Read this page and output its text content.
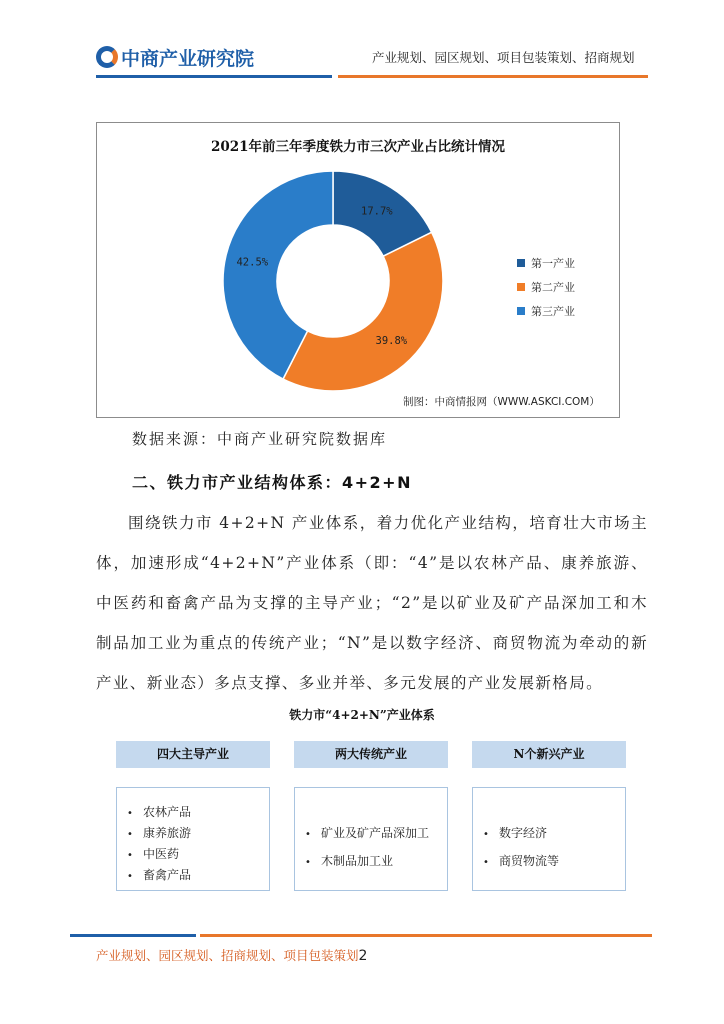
中商产业研究院	产业规划、园区规划、项目包装策划、招商规划
2021年前三年季度铁力市三次产业占比统计情况
17.7%
39.8%
42.5%	第一产业
第二产业
第三产业
制图：中商情报网（WWW.ASKCI.COM）
数据来源：中商产业研究院数据库
二、铁力市产业结构体系：4+2+N
围绕铁力市 4+2+N 产业体系，着力优化产业结构，培育壮大市场主体，加速形成“4+2+N”产业体系（即：“4”是以农林产品、康养旅游、中医药和畜禽产品为支撑的主导产业；“2”是以矿业及矿产品深加工和木制品加工业为重点的传统产业；“N”是以数字经济、商贸物流为牵动的新产业、新业态）多点支撑、多业并举、多元发展的产业发展新格局。
铁力市“4+2+N”产业体系
四大主导产业	两大传统产业	N个新兴产业
• 农林产品
• 康养旅游
• 中医药
• 畜禽产品
• 矿业及矿产品深加工
• 木制品加工业
• 数字经济
• 商贸物流等
产业规划、园区规划、招商规划、项目包装策划2
